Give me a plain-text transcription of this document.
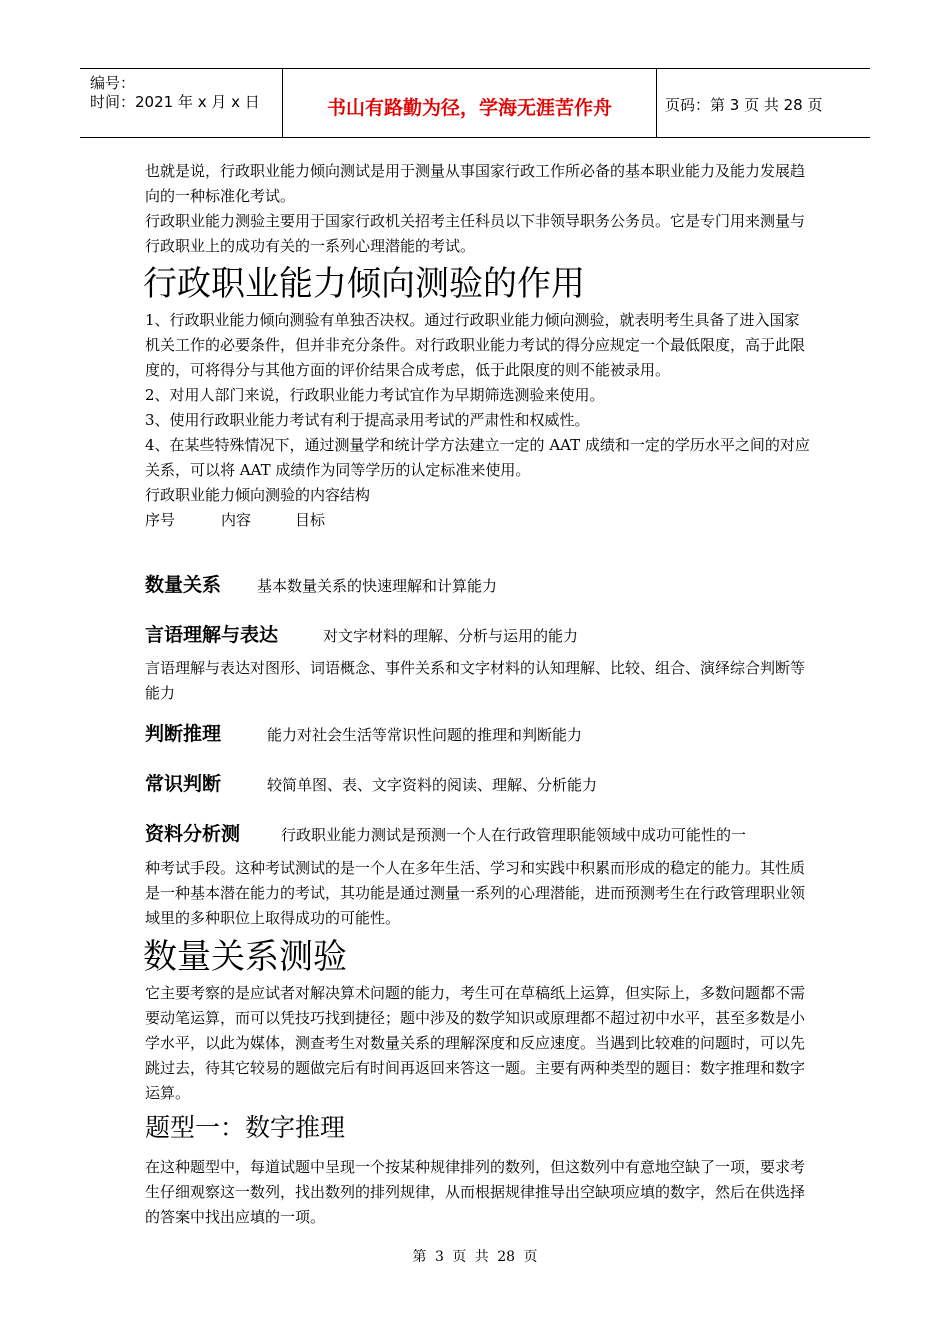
编号：
时间：2021 年 x 月 x 日	书山有路勤为径，学海无涯苦作舟	页码：第 3 页 共 28 页

也就是说，行政职业能力倾向测试是用于测量从事国家行政工作所必备的基本职业能力及能力发展趋向的一种标准化考试。

行政职业能力测验主要用于国家行政机关招考主任科员以下非领导职务公务员。它是专门用来测量与行政职业上的成功有关的一系列心理潜能的考试。

行政职业能力倾向测验的作用

1、行政职业能力倾向测验有单独否决权。通过行政职业能力倾向测验，就表明考生具备了进入国家机关工作的必要条件，但并非充分条件。对行政职业能力考试的得分应规定一个最低限度，高于此限度的，可将得分与其他方面的评价结果合成考虑，低于此限度的则不能被录用。

2、对用人部门来说，行政职业能力考试宜作为早期筛选测验来使用。

3、使用行政职业能力考试有利于提高录用考试的严肃性和权威性。

4、在某些特殊情况下，通过测量学和统计学方法建立一定的 AAT 成绩和一定的学历水平之间的对应关系，可以将 AAT 成绩作为同等学历的认定标准来使用。

行政职业能力倾向测验的内容结构

序号	内容	目标

数量关系 基本数量关系的快速理解和计算能力
言语理解与表达	对文字材料的理解、分析与运用的能力
言语理解与表达对图形、词语概念、事件关系和文字材料的认知理解、比较、组合、演绎综合判断等能力
判断推理	能力对社会生活等常识性问题的推理和判断能力
常识判断	较简单图、表、文字资料的阅读、理解、分析能力
资料分析测	行政职业能力测试是预测一个人在行政管理职能领域中成功可能性的一
种考试手段。这种考试测试的是一个人在多年生活、学习和实践中积累而形成的稳定的能力。其性质是一种基本潜在能力的考试，其功能是通过测量一系列的心理潜能，进而预测考生在行政管理职业领域里的多种职位上取得成功的可能性。
数量关系测验
它主要考察的是应试者对解决算术问题的能力，考生可在草稿纸上运算，但实际上，多数问题都不需要动笔运算，而可以凭技巧找到捷径；题中涉及的数学知识或原理都不超过初中水平，甚至多数是小学水平，以此为媒体，测查考生对数量关系的理解深度和反应速度。当遇到比较难的问题时，可以先跳过去，待其它较易的题做完后有时间再返回来答这一题。主要有两种类型的题目：数字推理和数字运算。
题型一：数字推理
在这种题型中，每道试题中呈现一个按某种规律排列的数列，但这数列中有意地空缺了一项，要求考生仔细观察这一数列，找出数列的排列规律，从而根据规律推导出空缺项应填的数字，然后在供选择的答案中找出应填的一项。
第 3 页 共 28 页
